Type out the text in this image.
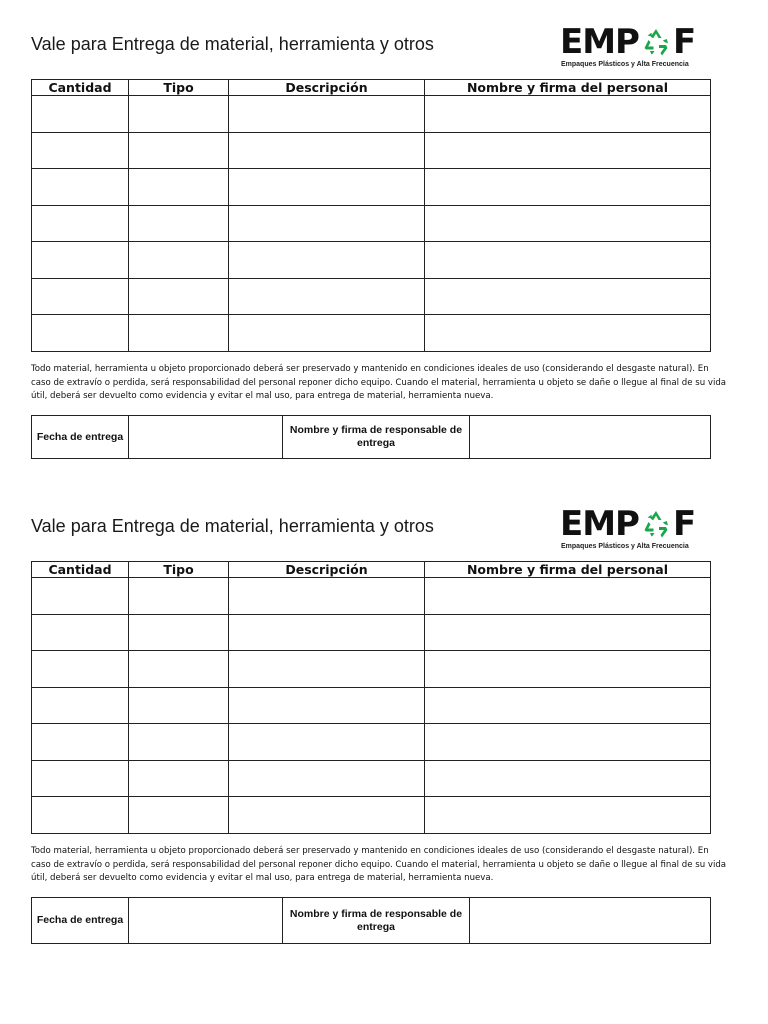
Vale para Entrega de material, herramienta y otros	EMP F
Empaques Plásticos y Alta Frecuencia
Cantidad	Tipo	Descripción	Nombre y firma del personal

Todo material, herramienta u objeto proporcionado deberá ser preservado y mantenido en condiciones ideales de uso (considerando el desgaste natural). En caso de extravío o perdida, será responsabilidad del personal reponer dicho equipo. Cuando el material, herramienta u objeto se dañe o llegue al final de su vida útil, deberá ser devuelto como evidencia y evitar el mal uso, para entrega de material, herramienta nueva.
Fecha de entrega		Nombre y firma de responsable de entrega	
Vale para Entrega de material, herramienta y otros	EMP F
Empaques Plásticos y Alta Frecuencia
Cantidad	Tipo	Descripción	Nombre y firma del personal

Todo material, herramienta u objeto proporcionado deberá ser preservado y mantenido en condiciones ideales de uso (considerando el desgaste natural). En caso de extravío o perdida, será responsabilidad del personal reponer dicho equipo. Cuando el material, herramienta u objeto se dañe o llegue al final de su vida útil, deberá ser devuelto como evidencia y evitar el mal uso, para entrega de material, herramienta nueva.
Fecha de entrega		Nombre y firma de responsable de entrega	
